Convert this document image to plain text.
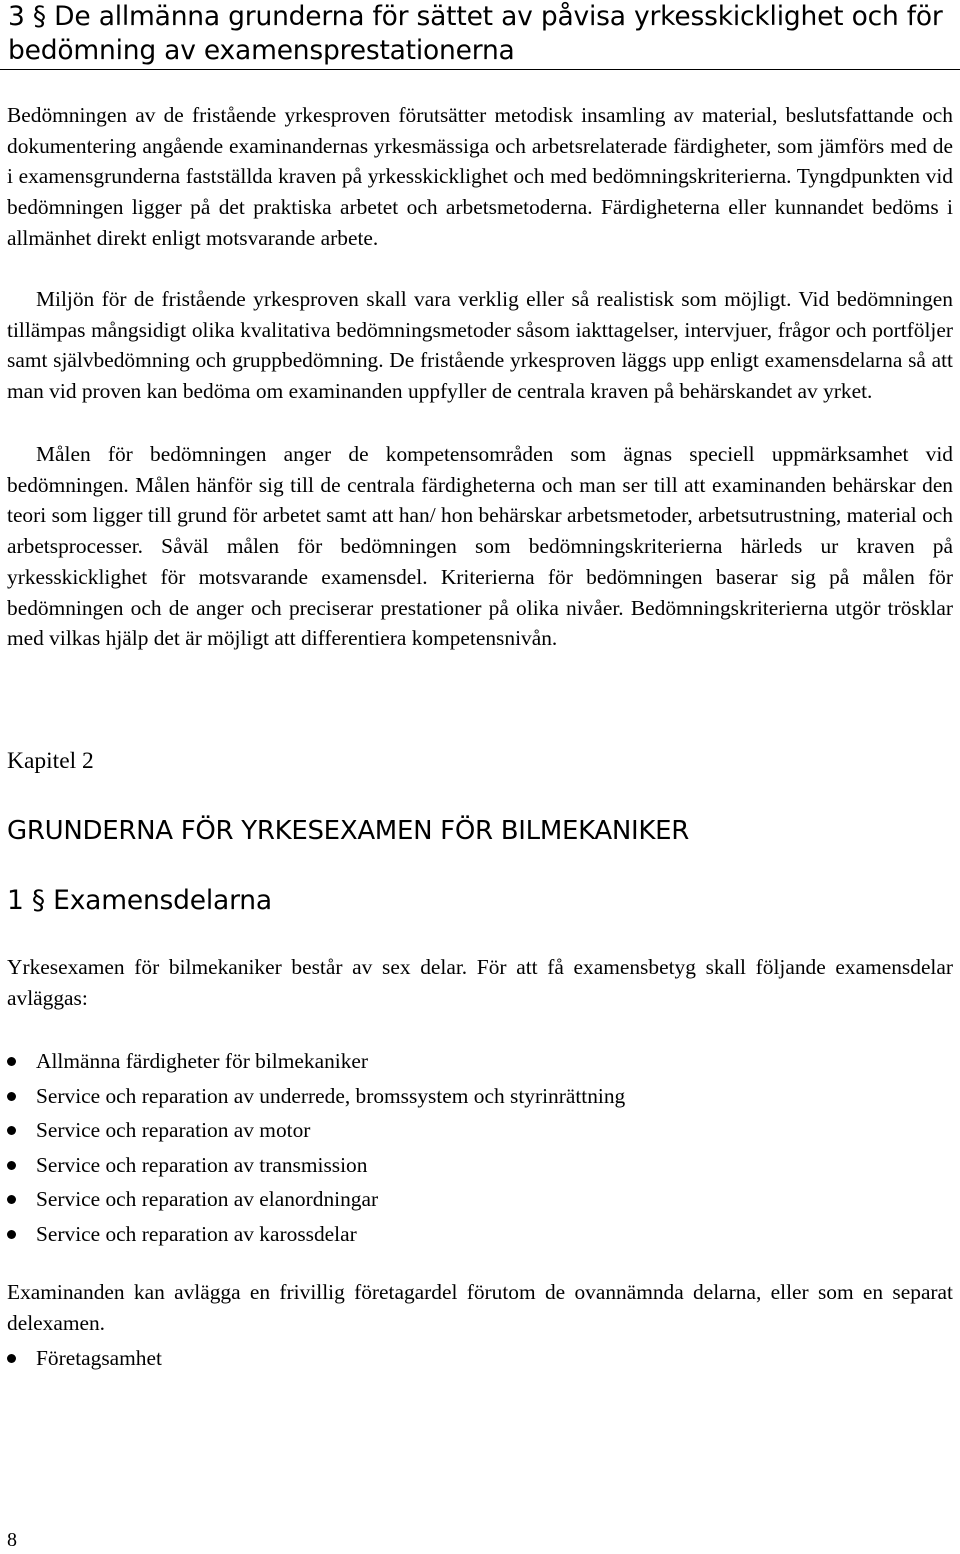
3 § De allmänna grunderna för sättet av påvisa yrkesskicklighet och för
bedömning av examensprestationerna

Bedömningen av de fristående yrkesproven förutsätter metodisk insamling av material, beslutsfattande och dokumentering angående examinandernas yrkesmässiga och arbetsrelaterade färdigheter, som jämförs med de i examensgrunderna fastställda kraven på yrkesskicklighet och med bedömningskriterierna. Tyngdpunkten vid bedömningen ligger på det praktiska arbetet och arbetsmetoderna. Färdigheterna eller kunnandet bedöms i allmänhet direkt enligt motsvarande arbete.

Miljön för de fristående yrkesproven skall vara verklig eller så realistisk som möjligt. Vid bedömningen tillämpas mångsidigt olika kvalitativa bedömningsmetoder såsom iakttagelser, intervjuer, frågor och portföljer samt självbedömning och gruppbedömning. De fristående yrkesproven läggs upp enligt examensdelarna så att man vid proven kan bedöma om examinanden uppfyller de centrala kraven på behärskandet av yrket.

Målen för bedömningen anger de kompetensområden som ägnas speciell uppmärksamhet vid bedömningen. Målen hänför sig till de centrala färdigheterna och man ser till att examinanden behärskar den teori som ligger till grund för arbetet samt att han/ hon behärskar arbetsmetoder, arbetsutrustning, material och arbetsprocesser. Såväl målen för bedömningen som bedömningskriterierna härleds ur kraven på yrkesskicklighet för motsvarande examensdel. Kriterierna för bedömningen baserar sig på målen för bedömningen och de anger och preciserar prestationer på olika nivåer. Bedömningskriterierna utgör trösklar med vilkas hjälp det är möjligt att differentiera kompetensnivån.

Kapitel 2
GRUNDERNA FÖR YRKESEXAMEN FÖR BILMEKANIKER
1 § Examensdelarna

Yrkesexamen för bilmekaniker består av sex delar. För att få examensbetyg skall följande examensdelar avläggas:

Allmänna färdigheter för bilmekaniker
Service och reparation av underrede, bromssystem och styrinrättning
Service och reparation av motor
Service och reparation av transmission
Service och reparation av elanordningar
Service och reparation av karossdelar

Examinanden kan avlägga en frivillig företagardel förutom de ovannämnda delarna, eller som en separat delexamen.

Företagsamhet
8
